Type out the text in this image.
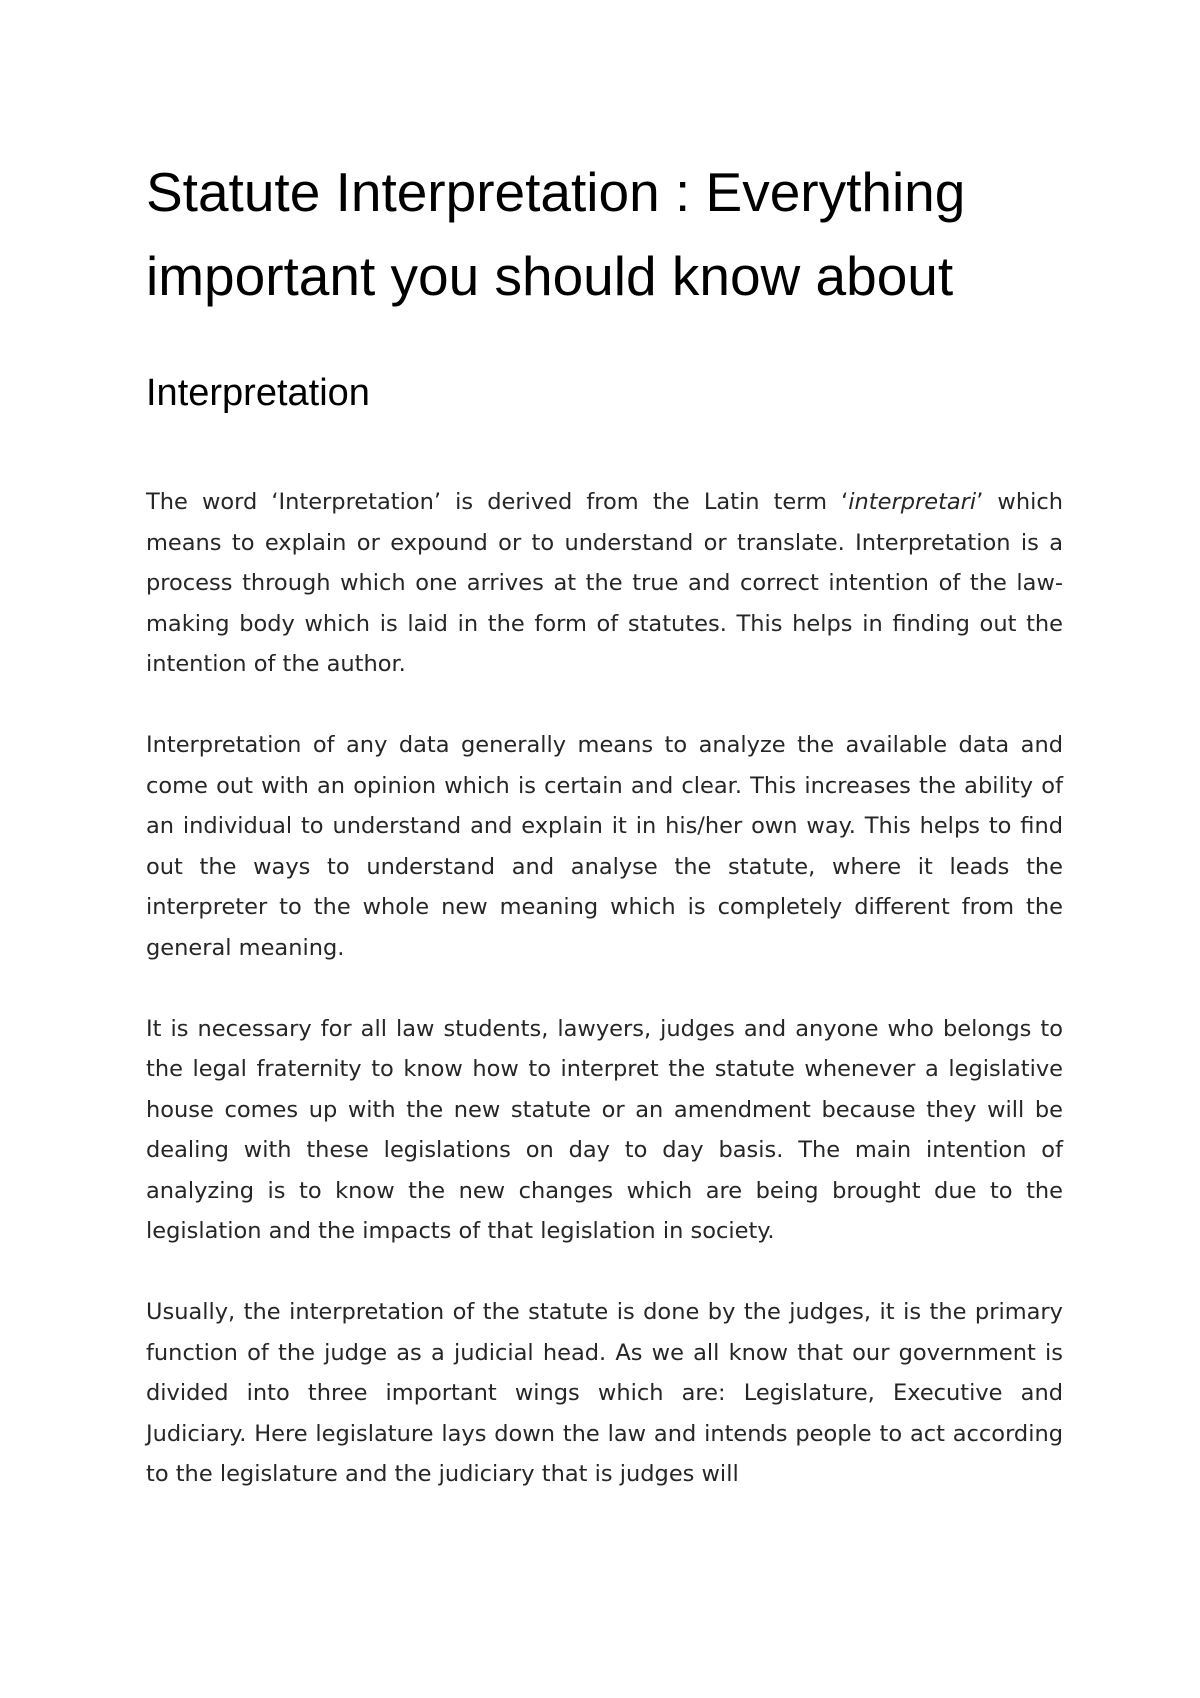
Statute Interpretation : Everything important you should know about
Interpretation

The word ‘Interpretation’ is derived from the Latin term ‘interpretari’ which means to explain or expound or to understand or translate. Interpretation is a process through which one arrives at the true and correct intention of the law-making body which is laid in the form of statutes. This helps in finding out the intention of the author.

Interpretation of any data generally means to analyze the available data and come out with an opinion which is certain and clear. This increases the ability of an individual to understand and explain it in his/her own way. This helps to find out the ways to understand and analyse the statute, where it leads the interpreter to the whole new meaning which is completely different from the general meaning.

It is necessary for all law students, lawyers, judges and anyone who belongs to the legal fraternity to know how to interpret the statute whenever a legislative house comes up with the new statute or an amendment because they will be dealing with these legislations on day to day basis. The main intention of analyzing is to know the new changes which are being brought due to the legislation and the impacts of that legislation in society.

Usually, the interpretation of the statute is done by the judges, it is the primary function of the judge as a judicial head. As we all know that our government is divided into three important wings which are: Legislature, Executive and Judiciary. Here legislature lays down the law and intends people to act according to the legislature and the judiciary that is judges will
